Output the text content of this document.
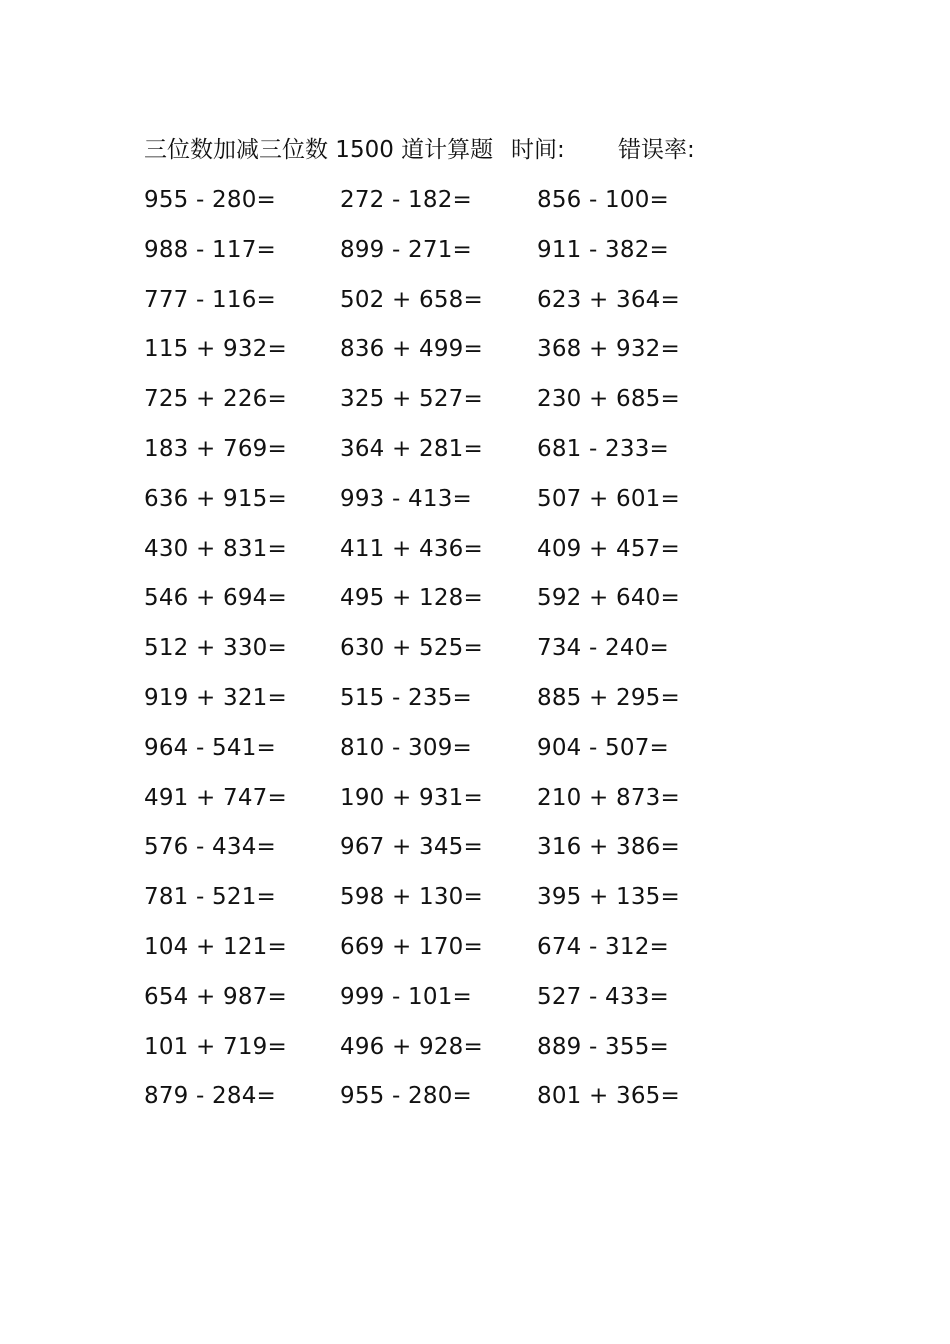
三位数加减三位数 1500 道计算题 时间: 错误率:
955 - 280=	272 - 182=	856 - 100=
988 - 117=	899 - 271=	911 - 382=
777 - 116=	502 + 658= 623 + 364=
115 + 932= 836 + 499= 368 + 932=
725 + 226= 325 + 527= 230 + 685=
183 + 769= 364 + 281= 681 - 233=
636 + 915= 993 - 413=	507 + 601=
430 + 831= 411 + 436= 409 + 457=
546 + 694= 495 + 128= 592 + 640=
512 + 330= 630 + 525= 734 - 240=
919 + 321= 515 - 235=	885 + 295=
964 - 541=	810 - 309=	904 - 507=
491 + 747= 190 + 931= 210 + 873=
576 - 434=	967 + 345= 316 + 386=
781 - 521=	598 + 130= 395 + 135=
104 + 121= 669 + 170= 674 - 312=
654 + 987= 999 - 101=	527 - 433=
101 + 719= 496 + 928= 889 - 355=
879 - 284=	955 - 280=	801 + 365=
